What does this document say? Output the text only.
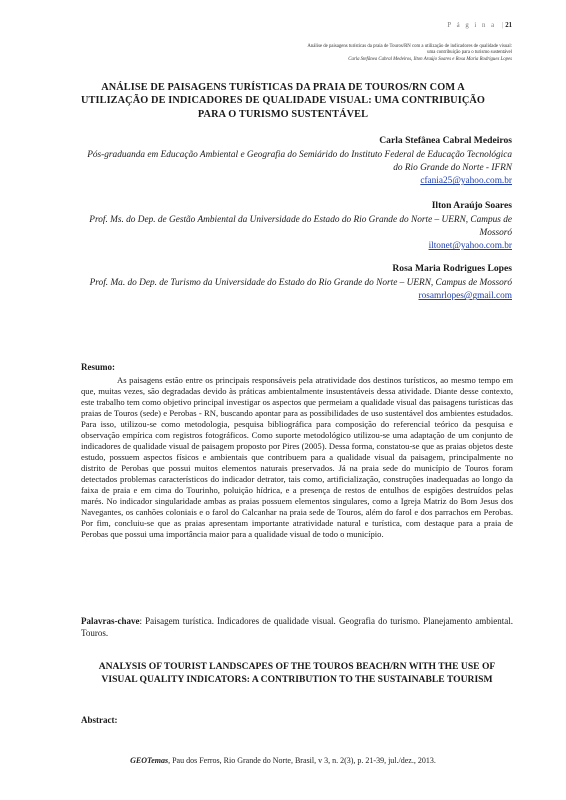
P á g i n a | 21
Análise de paisagens turísticas da praia de Touros/RN com a utilização de indicadores de qualidade visual:
uma contribuição para o turismo sustentável
Carla Stefânea Cabral Medeiros, Ilton Araújo Soares e Rosa Maria Rodrigues Lopes
ANÁLISE DE PAISAGENS TURÍSTICAS DA PRAIA DE TOUROS/RN COM A UTILIZAÇÃO DE INDICADORES DE QUALIDADE VISUAL: UMA CONTRIBUIÇÃO PARA O TURISMO SUSTENTÁVEL
Carla Stefânea Cabral Medeiros
Pós-graduanda em Educação Ambiental e Geografia do Semiárido do Instituto Federal de Educação Tecnológica do Rio Grande do Norte - IFRN
cfania25@yahoo.com.br
Ilton Araújo Soares
Prof. Ms. do Dep. de Gestão Ambiental da Universidade do Estado do Rio Grande do Norte – UERN, Campus de Mossoró
iltonet@yahoo.com.br
Rosa Maria Rodrigues Lopes
Prof. Ma. do Dep. de Turismo da Universidade do Estado do Rio Grande do Norte – UERN, Campus de Mossoró
rosamrlopes@gmail.com
Resumo:

As paisagens estão entre os principais responsáveis pela atratividade dos destinos turísticos, ao mesmo tempo em que, muitas vezes, são degradadas devido às práticas ambientalmente insustentáveis dessa atividade. Diante desse contexto, este trabalho tem como objetivo principal investigar os aspectos que permeiam a qualidade visual das paisagens turísticas das praias de Touros (sede) e Perobas - RN, buscando apontar para as possibilidades de uso sustentável dos ambientes estudados. Para isso, utilizou-se como metodologia, pesquisa bibliográfica para composição do referencial teórico da pesquisa e observação empírica com registros fotográficos. Como suporte metodológico utilizou-se uma adaptação de um conjunto de indicadores de qualidade visual de paisagem proposto por Pires (2005). Dessa forma, constatou-se que as praias objetos deste estudo, possuem aspectos físicos e ambientais que contribuem para a qualidade visual da paisagem, principalmente no distrito de Perobas que possui muitos elementos naturais preservados. Já na praia sede do município de Touros foram detectados problemas característicos do indicador detrator, tais como, artificialização, construções inadequadas ao longo da faixa de praia e em cima do Tourinho, poluição hídrica, e a presença de restos de entulhos de espigões destruídos pelas marés. No indicador singularidade ambas as praias possuem elementos singulares, como a Igreja Matriz do Bom Jesus dos Navegantes, os canhões coloniais e o farol do Calcanhar na praia sede de Touros, além do farol e dos parrachos em Perobas. Por fim, concluiu-se que as praias apresentam importante atratividade natural e turística, com destaque para a praia de Perobas que possui uma importância maior para a qualidade visual de todo o município.

Palavras-chave: Paisagem turística. Indicadores de qualidade visual. Geografia do turismo. Planejamento ambiental. Touros.
ANALYSIS OF TOURIST LANDSCAPES OF THE TOUROS BEACH/RN WITH THE USE OF VISUAL QUALITY INDICATORS: A CONTRIBUTION TO THE SUSTAINABLE TOURISM
Abstract:
GEOTemas, Pau dos Ferros, Rio Grande do Norte, Brasil, v 3, n. 2(3), p. 21-39, jul./dez., 2013.
